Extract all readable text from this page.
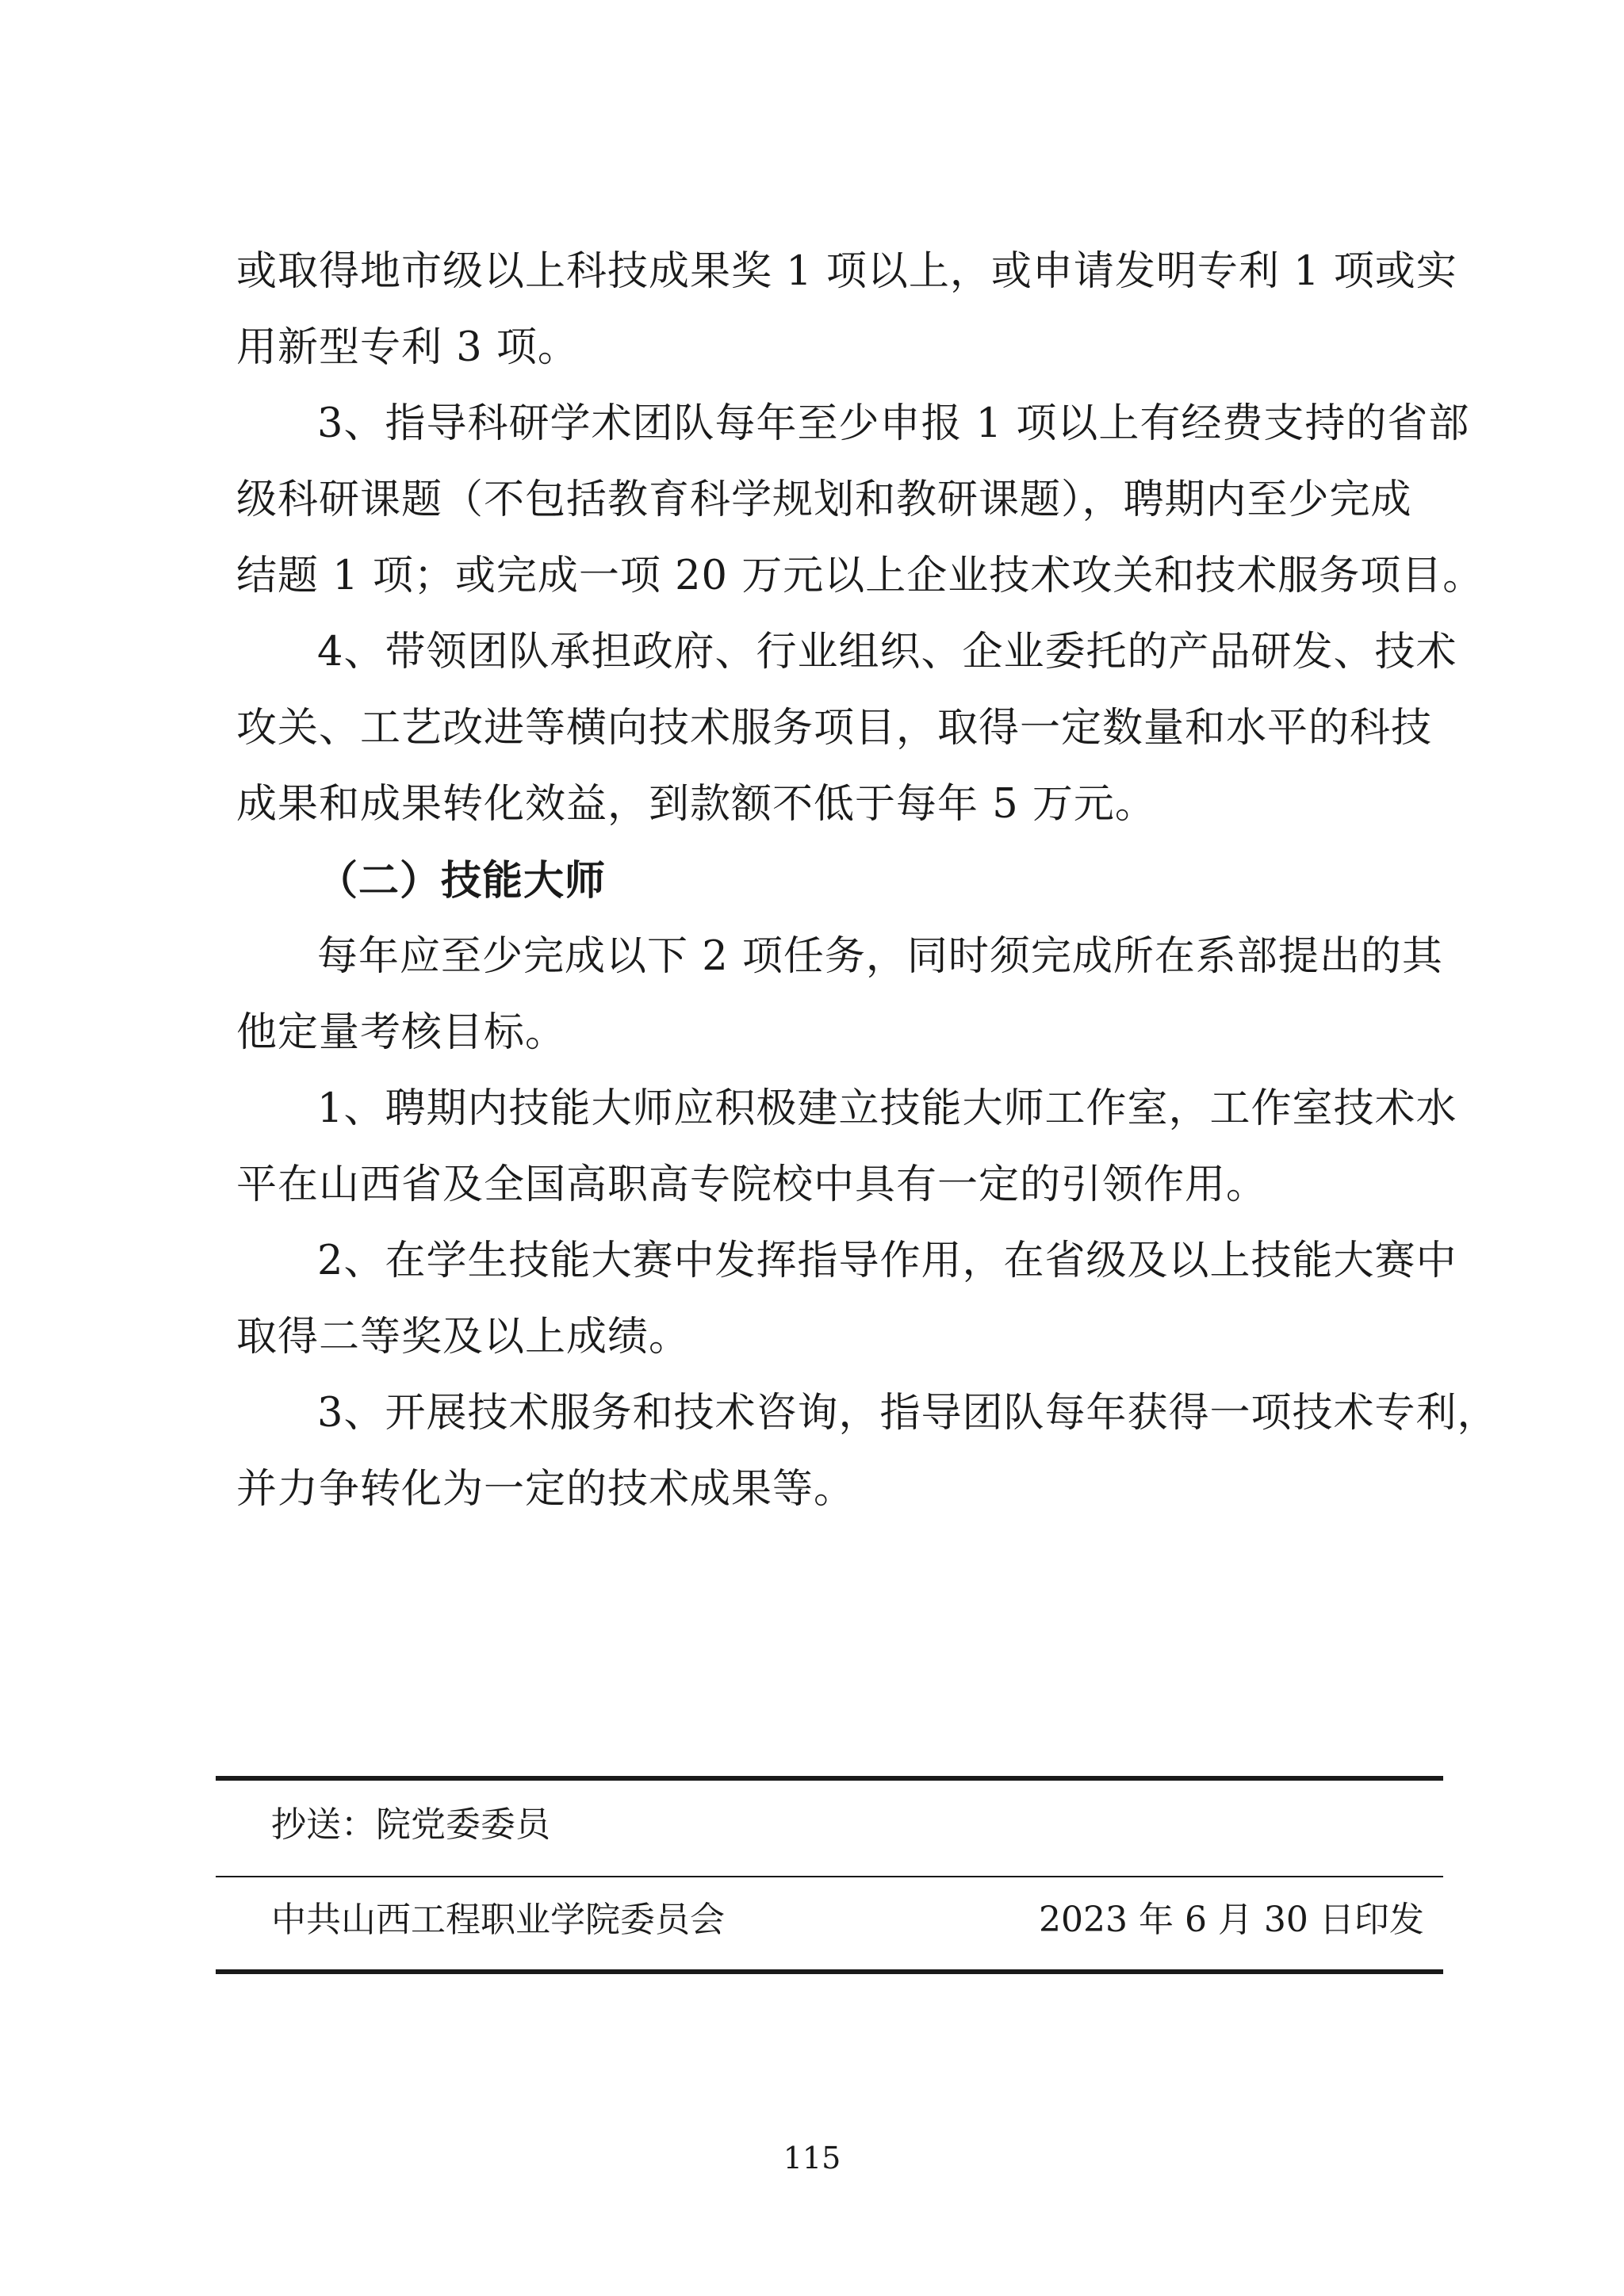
或取得地市级以上科技成果奖 1 项以上，或申请发明专利 1 项或实
用新型专利 3 项。
3、指导科研学术团队每年至少申报 1 项以上有经费支持的省部
级科研课题（不包括教育科学规划和教研课题），聘期内至少完成
结题 1 项；或完成一项 20 万元以上企业技术攻关和技术服务项目。
4、带领团队承担政府、行业组织、企业委托的产品研发、技术
攻关、工艺改进等横向技术服务项目，取得一定数量和水平的科技
成果和成果转化效益，到款额不低于每年 5 万元。
（二）技能大师
每年应至少完成以下 2 项任务，同时须完成所在系部提出的其
他定量考核目标。
1、聘期内技能大师应积极建立技能大师工作室，工作室技术水
平在山西省及全国高职高专院校中具有一定的引领作用。
2、在学生技能大赛中发挥指导作用，在省级及以上技能大赛中
取得二等奖及以上成绩。
3、开展技术服务和技术咨询，指导团队每年获得一项技术专利，
并力争转化为一定的技术成果等。
抄送：院党委委员
中共山西工程职业学院委员会	2023 年 6 月 30 日印发
115
